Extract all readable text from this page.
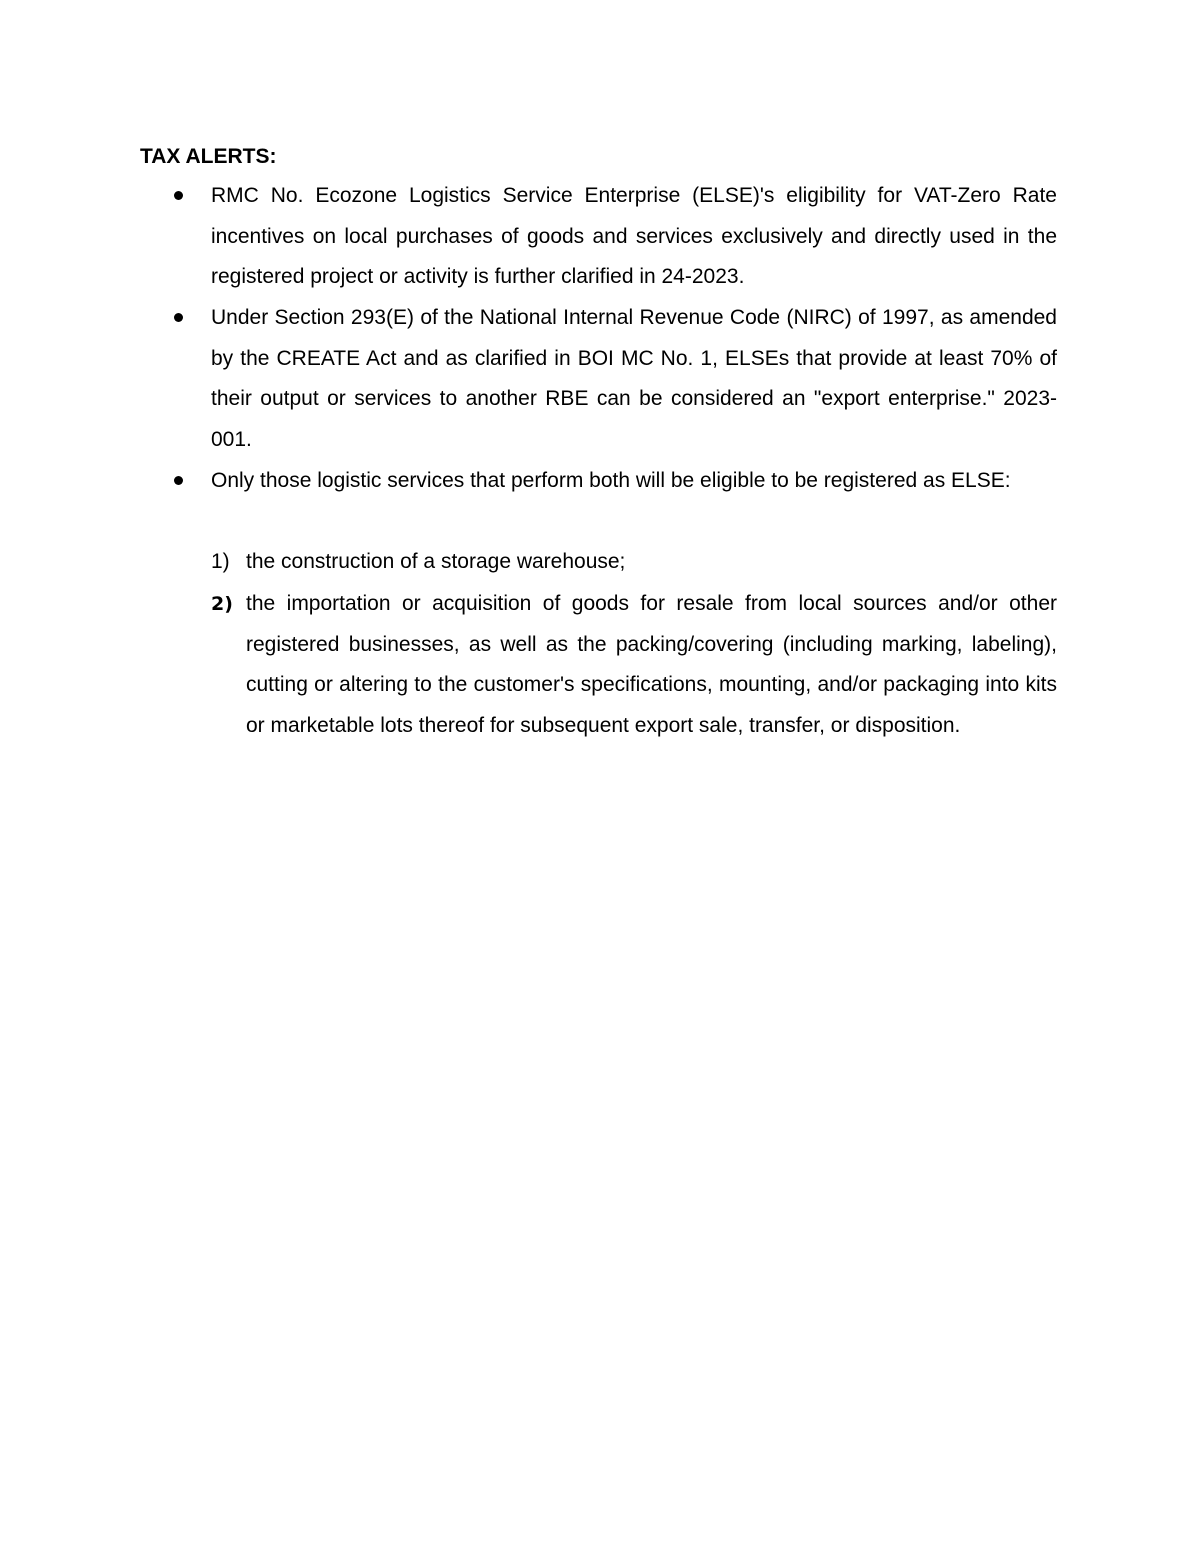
TAX ALERTS:
RMC No. Ecozone Logistics Service Enterprise (ELSE)'s eligibility for VAT-Zero Rate incentives on local purchases of goods and services exclusively and directly used in the registered project or activity is further clarified in 24-2023.
Under Section 293(E) of the National Internal Revenue Code (NIRC) of 1997, as amended by the CREATE Act and as clarified in BOI MC No. 1, ELSEs that provide at least 70% of their output or services to another RBE can be considered an "export enterprise." 2023-001.
Only those logistic services that perform both will be eligible to be registered as ELSE:
1) the construction of a storage warehouse;
2) the importation or acquisition of goods for resale from local sources and/or other registered businesses, as well as the packing/covering (including marking, labeling), cutting or altering to the customer's specifications, mounting, and/or packaging into kits or marketable lots thereof for subsequent export sale, transfer, or disposition.
